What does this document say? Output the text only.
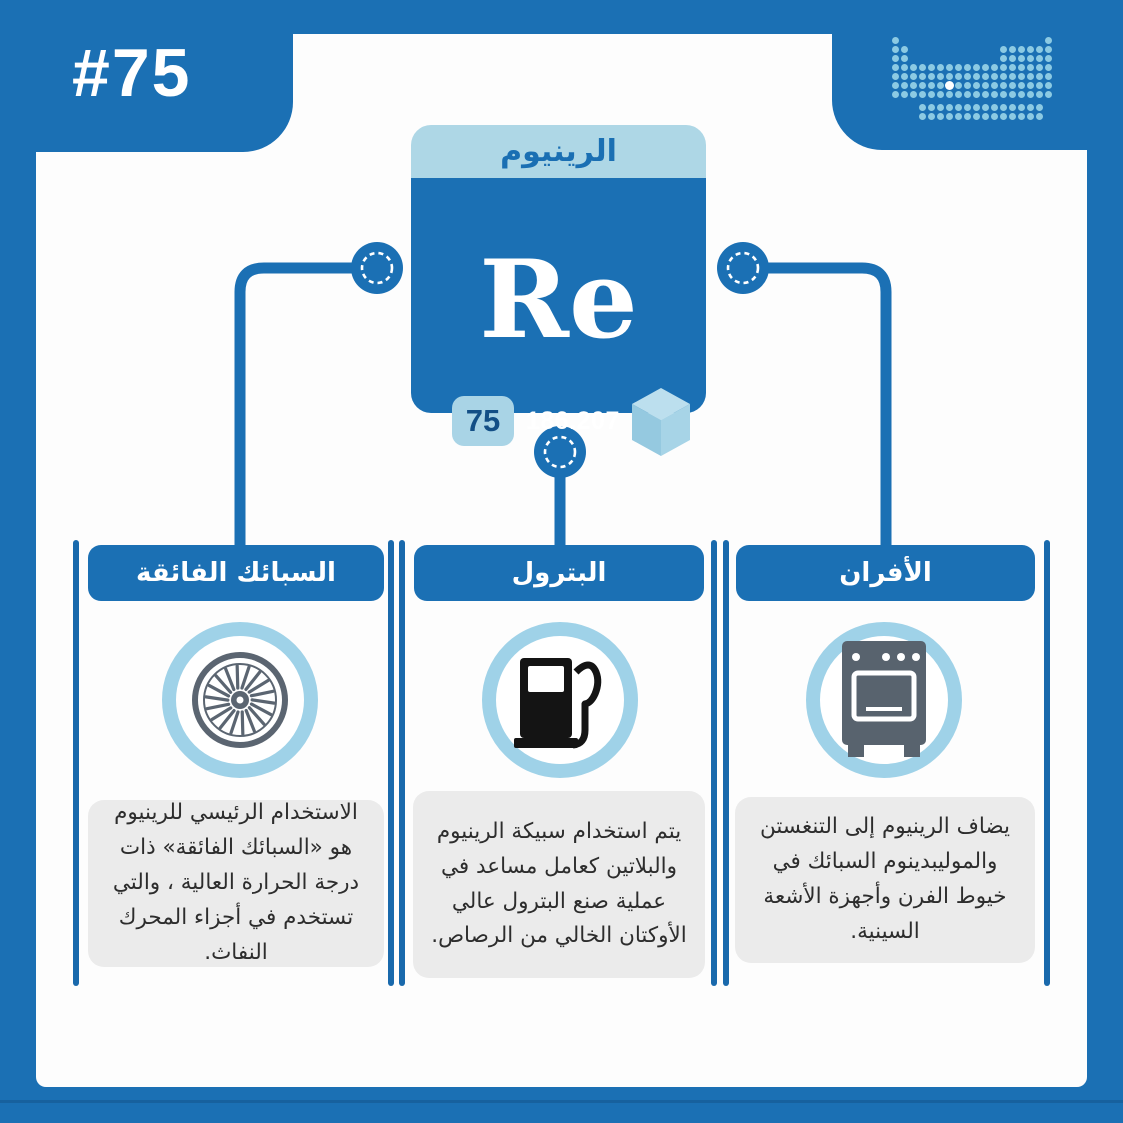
#75
الرينيوم
Re
75	186.207
السبائك الفائقة	البترول	الأفران
الاستخدام الرئيسي للرينيوم هو «السبائك الفائقة» ذات درجة الحرارة العالية ، والتي تستخدم في أجزاء المحرك النفاث.
يتم استخدام سبيكة الرينيوم والبلاتين كعامل مساعد في عملية صنع البترول عالي الأوكتان الخالي من الرصاص.
يضاف الرينيوم إلى التنغستن والموليبدينوم السبائك في خيوط الفرن وأجهزة الأشعة السينية.
